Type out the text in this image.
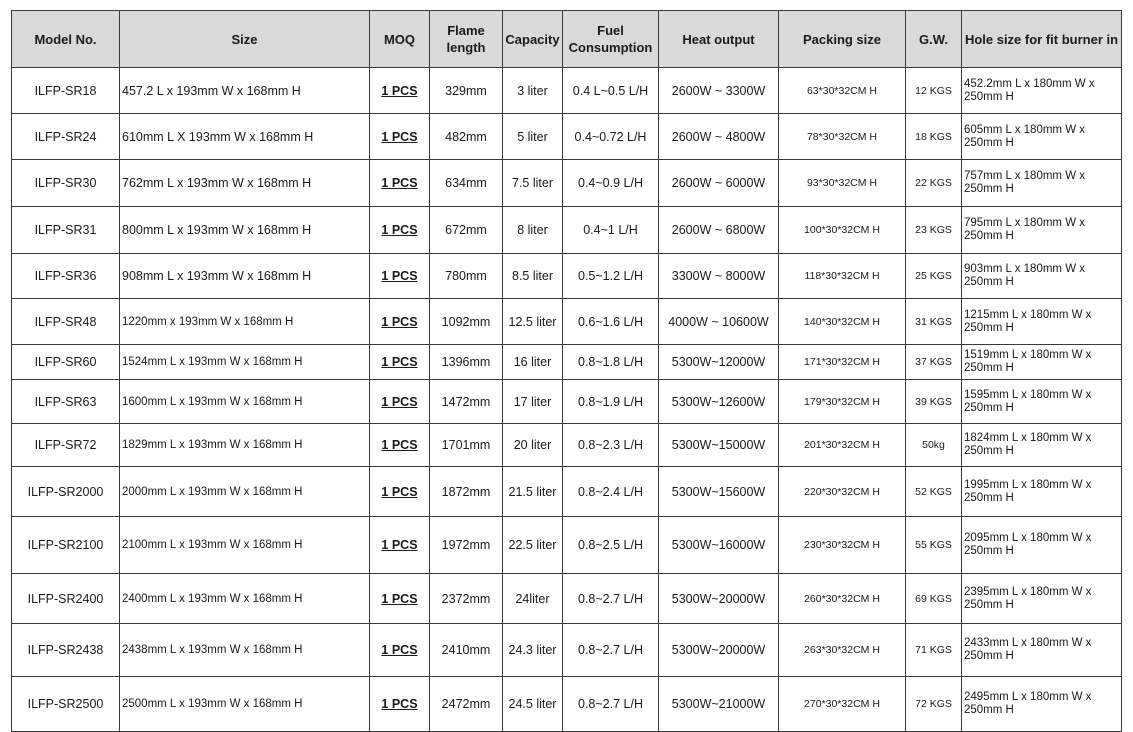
Model No.	Size	MOQ	Flame length	Capacity	Fuel Consumption	Heat output	Packing size	G.W.	Hole size for fit burner in
ILFP-SR18	457.2 L x 193mm W x 168mm H	1 PCS	329mm	3 liter	0.4 L~0.5 L/H	2600W ~ 3300W	63*30*32CM H	12 KGS	452.2mm L x 180mm W x 250mm H
ILFP-SR24	610mm L X 193mm W x 168mm H	1 PCS	482mm	5 liter	0.4~0.72 L/H	2600W ~ 4800W	78*30*32CM H	18 KGS	605mm L x 180mm W x 250mm H
ILFP-SR30	762mm L x 193mm W x 168mm H	1 PCS	634mm	7.5 liter	0.4~0.9 L/H	2600W ~ 6000W	93*30*32CM H	22 KGS	757mm L x 180mm W x 250mm H
ILFP-SR31	800mm L x 193mm W x 168mm H	1 PCS	672mm	8 liter	0.4~1 L/H	2600W ~ 6800W	100*30*32CM H	23 KGS	795mm L x 180mm W x 250mm H
ILFP-SR36	908mm L x 193mm W x 168mm H	1 PCS	780mm	8.5 liter	0.5~1.2 L/H	3300W ~ 8000W	118*30*32CM H	25 KGS	903mm L x 180mm W x 250mm H
ILFP-SR48	1220mm x 193mm W x 168mm H	1 PCS	1092mm	12.5 liter	0.6~1.6 L/H	4000W ~ 10600W	140*30*32CM H	31 KGS	1215mm L x 180mm W x 250mm H
ILFP-SR60	1524mm L x 193mm W x 168mm H	1 PCS	1396mm	16 liter	0.8~1.8 L/H	5300W~12000W	171*30*32CM H	37 KGS	1519mm L x 180mm W x 250mm H
ILFP-SR63	1600mm L x 193mm W x 168mm H	1 PCS	1472mm	17 liter	0.8~1.9 L/H	5300W~12600W	179*30*32CM H	39 KGS	1595mm L x 180mm W x 250mm H
ILFP-SR72	1829mm L x 193mm W x 168mm H	1 PCS	1701mm	20 liter	0.8~2.3 L/H	5300W~15000W	201*30*32CM H	50kg	1824mm L x 180mm W x 250mm H
ILFP-SR2000	2000mm L x 193mm W x 168mm H	1 PCS	1872mm	21.5 liter	0.8~2.4 L/H	5300W~15600W	220*30*32CM H	52 KGS	1995mm L x 180mm W x 250mm H
ILFP-SR2100	2100mm L x 193mm W x 168mm H	1 PCS	1972mm	22.5 liter	0.8~2.5 L/H	5300W~16000W	230*30*32CM H	55 KGS	2095mm L x 180mm W x 250mm H
ILFP-SR2400	2400mm L x 193mm W x 168mm H	1 PCS	2372mm	24liter	0.8~2.7 L/H	5300W~20000W	260*30*32CM H	69 KGS	2395mm L x 180mm W x 250mm H
ILFP-SR2438	2438mm L x 193mm W x 168mm H	1 PCS	2410mm	24.3 liter	0.8~2.7 L/H	5300W~20000W	263*30*32CM H	71 KGS	2433mm L x 180mm W x 250mm H
ILFP-SR2500	2500mm L x 193mm W x 168mm H	1 PCS	2472mm	24.5 liter	0.8~2.7 L/H	5300W~21000W	270*30*32CM H	72 KGS	2495mm L x 180mm W x 250mm H
